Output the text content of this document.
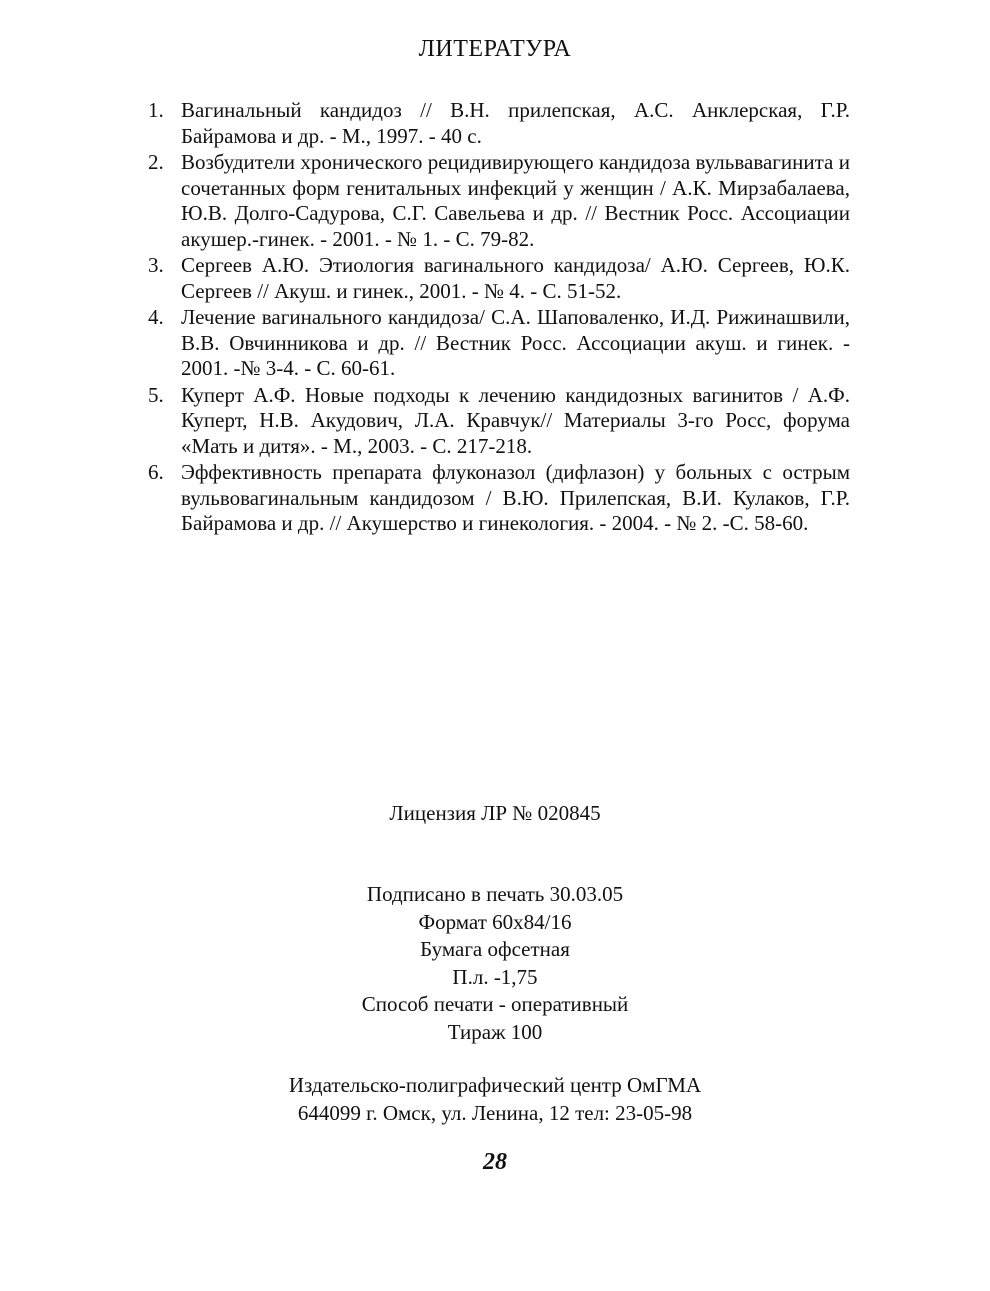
ЛИТЕРАТУРА
1. Вагинальный кандидоз // В.Н. прилепская, А.С. Анклерская, Г.Р. Байрамова и др. - М., 1997. - 40 с.
2. Возбудители хронического рецидивирующего кандидоза вульвавагинита и сочетанных форм генитальных инфекций у женщин / А.К. Мирзабалаева, Ю.В. Долго-Садурова, С.Г. Савельева и др. // Вестник Росс. Ассоциации акушер.-гинек. - 2001. - № 1. - С. 79-82.
3. Сергеев А.Ю. Этиология вагинального кандидоза/ А.Ю. Сергеев, Ю.К. Сергеев // Акуш. и гинек., 2001. - № 4. - С. 51-52.
4. Лечение вагинального кандидоза/ С.А. Шаповаленко, И.Д. Рижинашвили, В.В. Овчинникова и др. // Вестник Росс. Ассоциации акуш. и гинек. - 2001. -№ 3-4. - С. 60-61.
5. Куперт А.Ф. Новые подходы к лечению кандидозных вагинитов / А.Ф. Куперт, Н.В. Акудович, Л.А. Кравчук// Материалы 3-го Росс, форума «Мать и дитя». - М., 2003. - С. 217-218.
6. Эффективность препарата флуконазол (дифлазон) у больных с острым вульвовагинальным кандидозом / В.Ю. Прилепская, В.И. Кулаков, Г.Р. Байрамова и др. // Акушерство и гинекология. - 2004. - № 2. -С. 58-60.
Лицензия ЛР № 020845
Подписано в печать 30.03.05
Формат 60x84/16
Бумага офсетная
П.л. -1,75
Способ печати - оперативный
Тираж 100
Издательско-полиграфический центр ОмГМА
644099 г. Омск, ул. Ленина, 12 тел: 23-05-98
28
